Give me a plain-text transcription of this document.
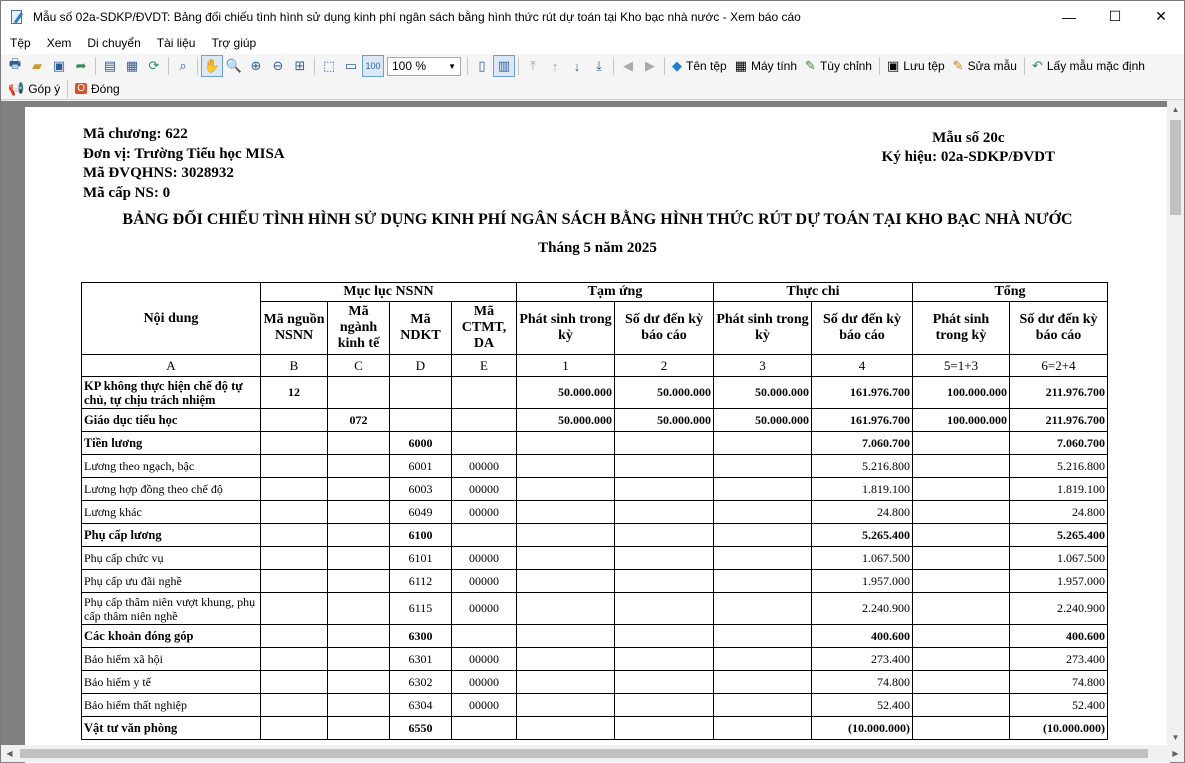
Mẫu số 02a-SDKP/ĐVDT: Bảng đối chiếu tình hình sử dụng kinh phí ngân sách bằng hình thức rút dự toán tại Kho bạc nhà nước - Xem báo cáo	—	☐	✕
Tệp	Xem	Di chuyển	Tài liệu	Trợ giúp
🖶 ▰ ▣ ➦	▤ ▦ ⟳	⌕	✋ 🔍 ⊕ ⊖ ⊞	⬚ ▭ 100 100 %	▼	▯ ▥	⤒	↑	↓	⤓	◀ ▶	◆ Tên tệp ▦ Máy tính ✎ Tùy chỉnh ▣ Lưu tệp ✎ Sửa mẫu ↶ Lấy mẫu mặc định
📢 Góp ý O Đóng
Mã chương: 622
Đơn vị: Trường Tiểu học MISA
Mã ĐVQHNS: 3028932
Mã cấp NS: 0
Mẫu số 20c
Ký hiệu: 02a-SDKP/ĐVDT
BẢNG ĐỐI CHIẾU TÌNH HÌNH SỬ DỤNG KINH PHÍ NGÂN SÁCH BẰNG HÌNH THỨC RÚT DỰ TOÁN TẠI KHO BẠC NHÀ NƯỚC
Tháng 5 năm 2025
Nội dung	Mục lục NSNN				Tạm ứng		Thực chi		Tổng	
	Mã nguồn NSNN	Mã ngành kinh tế	Mã NDKT	Mã CTMT, DA	Phát sinh trong kỳ	Số dư đến kỳ báo cáo	Phát sinh trong kỳ	Số dư đến kỳ báo cáo	Phát sinh trong kỳ	Số dư đến kỳ báo cáo
A	B	C	D	E	1	2	3	4	5=1+3	6=2+4
KP không thực hiện chế độ tự chủ, tự chịu trách nhiệm	12				50.000.000	50.000.000	50.000.000	161.976.700	100.000.000	211.976.700
Giáo dục tiểu học		072			50.000.000	50.000.000	50.000.000	161.976.700	100.000.000	211.976.700
Tiền lương			6000					7.060.700		7.060.700
Lương theo ngạch, bậc			6001	00000				5.216.800		5.216.800
Lương hợp đồng theo chế độ			6003	00000				1.819.100		1.819.100
Lương khác			6049	00000				24.800		24.800
Phụ cấp lương			6100					5.265.400		5.265.400
Phụ cấp chức vụ			6101	00000				1.067.500		1.067.500
Phụ cấp ưu đãi nghề			6112	00000				1.957.000		1.957.000
Phụ cấp thâm niên vượt khung, phụ cấp thâm niên nghề			6115	00000				2.240.900		2.240.900
Các khoản đóng góp			6300					400.600		400.600
Bảo hiểm xã hội			6301	00000				273.400		273.400
Bảo hiểm y tế			6302	00000				74.800		74.800
Bảo hiểm thất nghiệp			6304	00000				52.400		52.400
Vật tư văn phòng			6550					(10.000.000)		(10.000.000)
▲
▼
◀	▶
